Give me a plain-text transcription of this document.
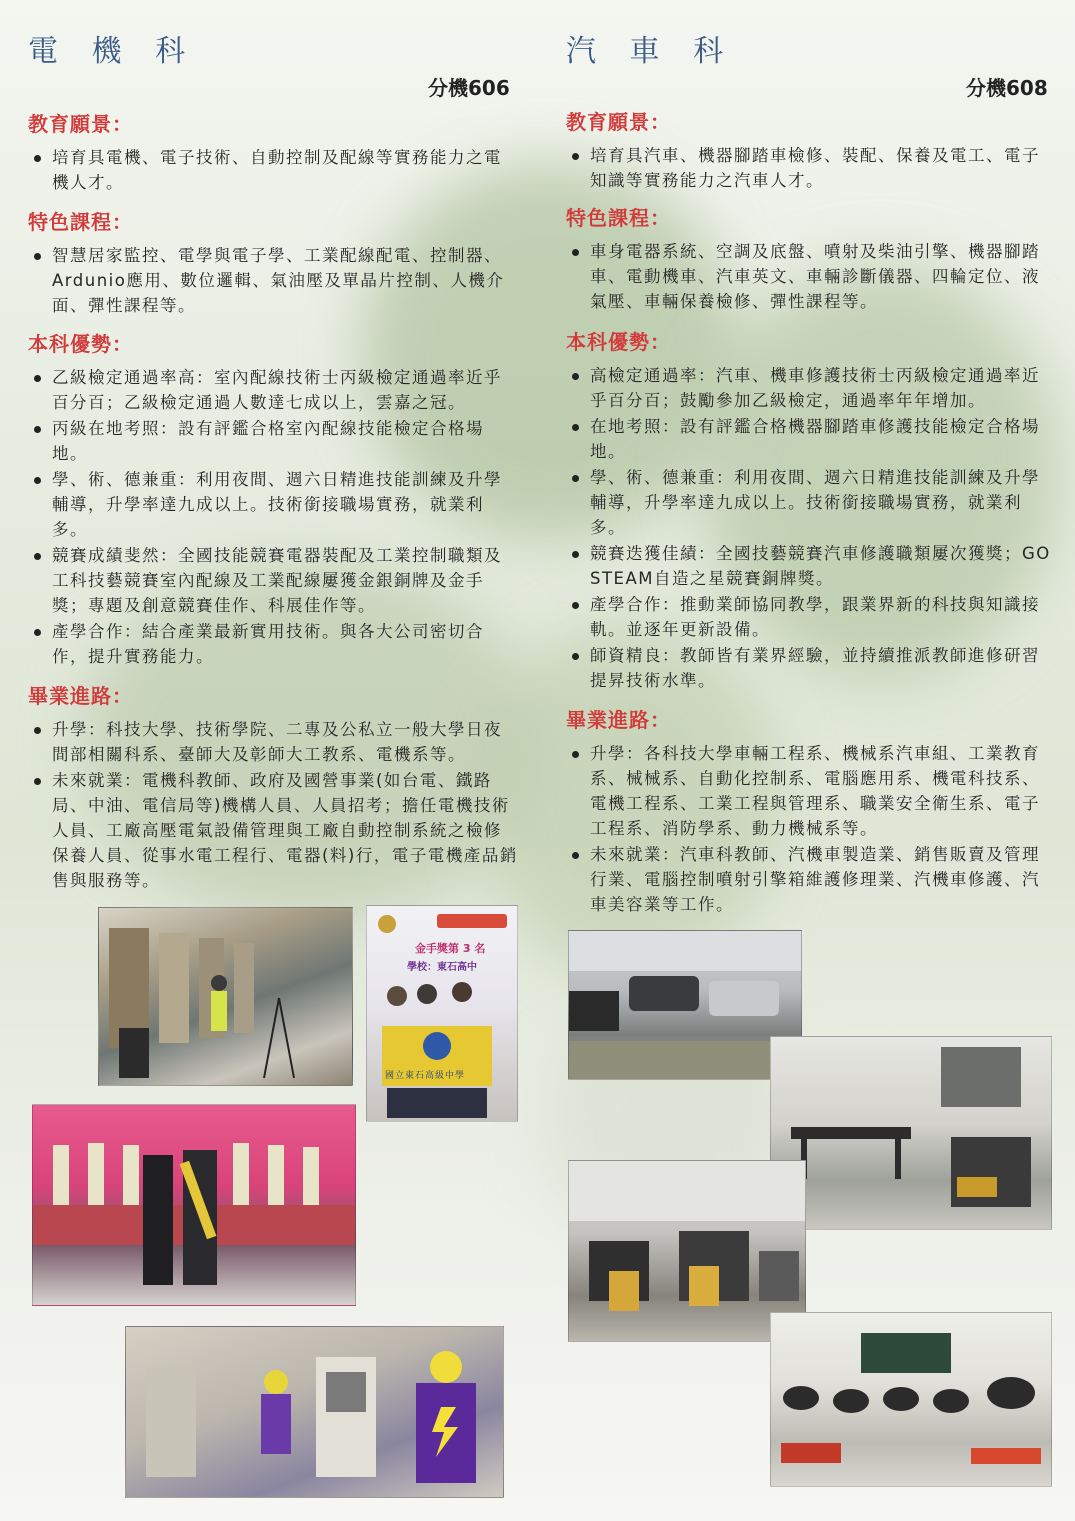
電 機 科
分機606
教育願景：
培育具電機、電子技術、自動控制及配線等實務能力之電機人才。
特色課程：
智慧居家監控、電學與電子學、工業配線配電、控制器、Ardunio應用、數位邏輯、氣油壓及單晶片控制、人機介面、彈性課程等。
本科優勢：
乙級檢定通過率高：室內配線技術士丙級檢定通過率近乎百分百；乙級檢定通過人數達七成以上，雲嘉之冠。
丙級在地考照：設有評鑑合格室內配線技能檢定合格場地。
學、術、德兼重：利用夜間、週六日精進技能訓練及升學輔導，升學率達九成以上。技術銜接職場實務，就業利多。
競賽成績斐然：全國技能競賽電器裝配及工業控制職類及工科技藝競賽室內配線及工業配線屢獲金銀銅牌及金手獎；專題及創意競賽佳作、科展佳作等。
產學合作：結合產業最新實用技術。與各大公司密切合作，提升實務能力。
畢業進路：
升學：科技大學、技術學院、二專及公私立一般大學日夜間部相關科系、臺師大及彰師大工教系、電機系等。
未來就業：電機科教師、政府及國營事業(如台電、鐵路局、中油、電信局等)機構人員、人員招考；擔任電機技術人員、工廠高壓電氣設備管理與工廠自動控制系統之檢修保養人員、從事水電工程行、電器(料)行，電子電機產品銷售與服務等。
汽 車 科
分機608
教育願景：
培育具汽車、機器腳踏車檢修、裝配、保養及電工、電子知識等實務能力之汽車人才。
特色課程：
車身電器系統、空調及底盤、噴射及柴油引擎、機器腳踏車、電動機車、汽車英文、車輛診斷儀器、四輪定位、液氣壓、車輛保養檢修、彈性課程等。
本科優勢：
高檢定通過率：汽車、機車修護技術士丙級檢定通過率近乎百分百；鼓勵參加乙級檢定，通過率年年增加。
在地考照：設有評鑑合格機器腳踏車修護技能檢定合格場地。
學、術、德兼重：利用夜間、週六日精進技能訓練及升學輔導，升學率達九成以上。技術銜接職場實務，就業利多。
競賽迭獲佳績：全國技藝競賽汽車修護職類屢次獲獎；GO STEAM自造之星競賽銅牌獎。
產學合作：推動業師協同教學，跟業界新的科技與知識接軌。並逐年更新設備。
師資精良：教師皆有業界經驗，並持續推派教師進修研習提昇技術水準。
畢業進路：
升學：各科技大學車輛工程系、機械系汽車組、工業教育系、械械系、自動化控制系、電腦應用系、機電科技系、電機工程系、工業工程與管理系、職業安全衛生系、電子工程系、消防學系、動力機械系等。
未來就業：汽車科教師、汽機車製造業、銷售販賣及管理行業、電腦控制噴射引擎箱維護修理業、汽機車修護、汽車美容業等工作。
金手獎第 3 名
學校：東石高中
國立東石高級中學
